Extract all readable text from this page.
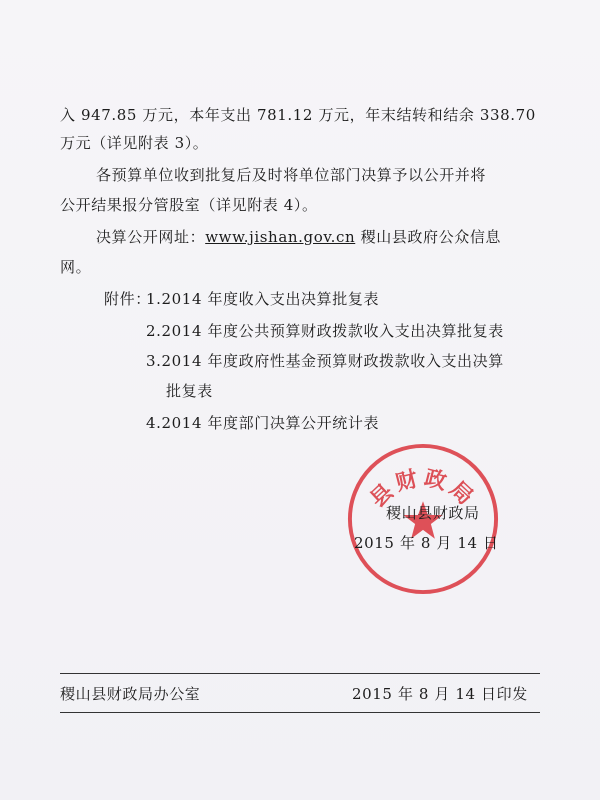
入 947.85 万元，本年支出 781.12 万元，年末结转和结余 338.70
万元（详见附表 3）。
各预算单位收到批复后及时将单位部门决算予以公开并将
公开结果报分管股室（详见附表 4）。
决算公开网址：www.jishan.gov.cn 稷山县政府公众信息
网。
附件：
1.2014 年度收入支出决算批复表
2.2014 年度公共预算财政拨款收入支出决算批复表
3.2014 年度政府性基金预算财政拨款收入支出决算
批复表
4.2014 年度部门决算公开统计表
县财政局
稷山县财政局
2015 年 8 月 14 日
稷山县财政局办公室	2015 年 8 月 14 日印发
